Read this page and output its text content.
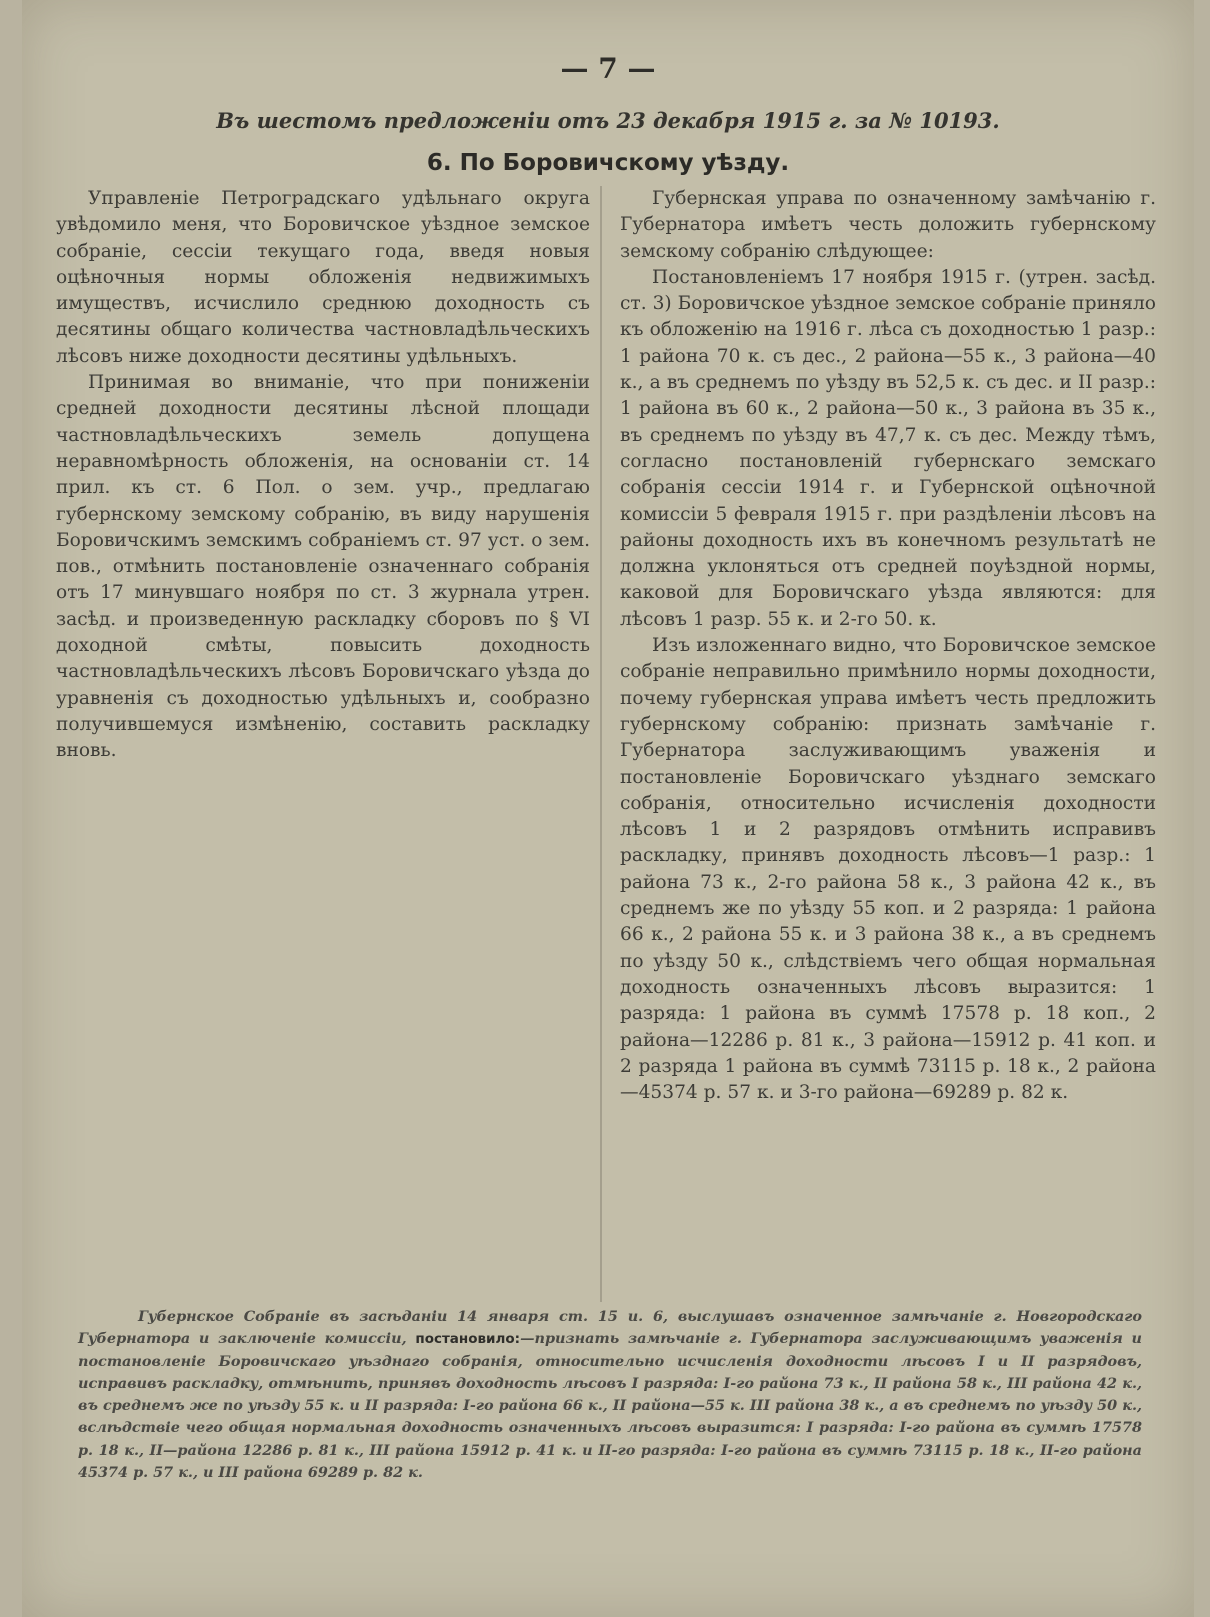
— 7 —
Въ шестомъ предложеніи отъ 23 декабря 1915 г. за № 10193.
6. По Боровичскому уѣзду.

Управленіе Петроградскаго удѣльнаго округа увѣдомило меня, что Боровичское уѣздное земское собраніе, сессіи текущаго года, введя новыя оцѣночныя нормы обложенія недвижимыхъ имуществъ, исчислило среднюю доходность съ десятины общаго количества частновладѣльческихъ лѣсовъ ниже доходности десятины удѣльныхъ.

Принимая во вниманіе, что при пониженіи средней доходности десятины лѣсной площади частновладѣльческихъ земель допущена неравномѣрность обложенія, на основаніи ст. 14 прил. къ ст. 6 Пол. о зем. учр., предлагаю губернскому земскому собранію, въ виду нарушенія Боровичскимъ земскимъ собраніемъ ст. 97 уст. о зем. пов., отмѣнить постановленіе означеннаго собранія отъ 17 минувшаго ноября по ст. 3 журнала утрен. засѣд. и произведенную раскладку сборовъ по § VI доходной смѣты, повысить доходность частновладѣльческихъ лѣсовъ Боровичскаго уѣзда до уравненія съ доходностью удѣльныхъ и, сообразно получившемуся измѣненію, составить раскладку вновь.

Губернская управа по означенному замѣчанію г. Губернатора имѣетъ честь доложить губернскому земскому собранію слѣдующее:

Постановленіемъ 17 ноября 1915 г. (утрен. засѣд. ст. 3) Боровичское уѣздное земское собраніе приняло къ обложенію на 1916 г. лѣса съ доходностью 1 разр.: 1 района 70 к. съ дес., 2 района—55 к., 3 района—40 к., а въ среднемъ по уѣзду въ 52,5 к. съ дес. и II разр.: 1 района въ 60 к., 2 района—50 к., 3 района въ 35 к., въ среднемъ по уѣзду въ 47,7 к. съ дес. Между тѣмъ, согласно постановленій губернскаго земскаго собранія сессіи 1914 г. и Губернской оцѣночной комиссіи 5 февраля 1915 г. при раздѣленіи лѣсовъ на районы доходность ихъ въ конечномъ результатѣ не должна уклоняться отъ средней поуѣздной нормы, каковой для Боровичскаго уѣзда являются: для лѣсовъ 1 разр. 55 к. и 2-го 50. к.

Изъ изложеннаго видно, что Боровичское земское собраніе неправильно примѣнило нормы доходности, почему губернская управа имѣетъ честь предложить губернскому собранію: признать замѣчаніе г. Губернатора заслуживающимъ уваженія и постановленіе Боровичскаго уѣзднаго земскаго собранія, относительно исчисленія доходности лѣсовъ 1 и 2 разрядовъ отмѣнить исправивъ раскладку, принявъ доходность лѣсовъ—1 разр.: 1 района 73 к., 2-го района 58 к., 3 района 42 к., въ среднемъ же по уѣзду 55 коп. и 2 разряда: 1 района 66 к., 2 района 55 к. и 3 района 38 к., а въ среднемъ по уѣзду 50 к., слѣдствіемъ чего общая нормальная доходность означенныхъ лѣсовъ выразится: 1 разряда: 1 района въ суммѣ 17578 р. 18 коп., 2 района—12286 р. 81 к., 3 района—15912 р. 41 коп. и 2 разряда 1 района въ суммѣ 73115 р. 18 к., 2 района—45374 р. 57 к. и 3-го района—69289 р. 82 к.

Губернское Собраніе въ засѣданіи 14 января ст. 15 и. 6, выслушавъ означенное замѣчаніе г. Новгородскаго Губернатора и заключеніе комиссіи, постановило:—признать замѣчаніе г. Губернатора заслуживающимъ уваженія и постановленіе Боровичскаго уѣзднаго собранія, относительно исчисленія доходности лѣсовъ I и II разрядовъ, исправивъ раскладку, отмѣнить, принявъ доходность лѣсовъ I разряда: I-го района 73 к., II района 58 к., III района 42 к., въ среднемъ же по уѣзду 55 к. и II разряда: I-го района 66 к., II района—55 к. III района 38 к., а въ среднемъ по уѣзду 50 к., вслѣдствіе чего общая нормальная доходность означенныхъ лѣсовъ выразится: I разряда: I-го района въ суммѣ 17578 р. 18 к., II—района 12286 р. 81 к., III района 15912 р. 41 к. и II-го разряда: I-го района въ суммѣ 73115 р. 18 к., II-го района 45374 р. 57 к., и III района 69289 р. 82 к.
